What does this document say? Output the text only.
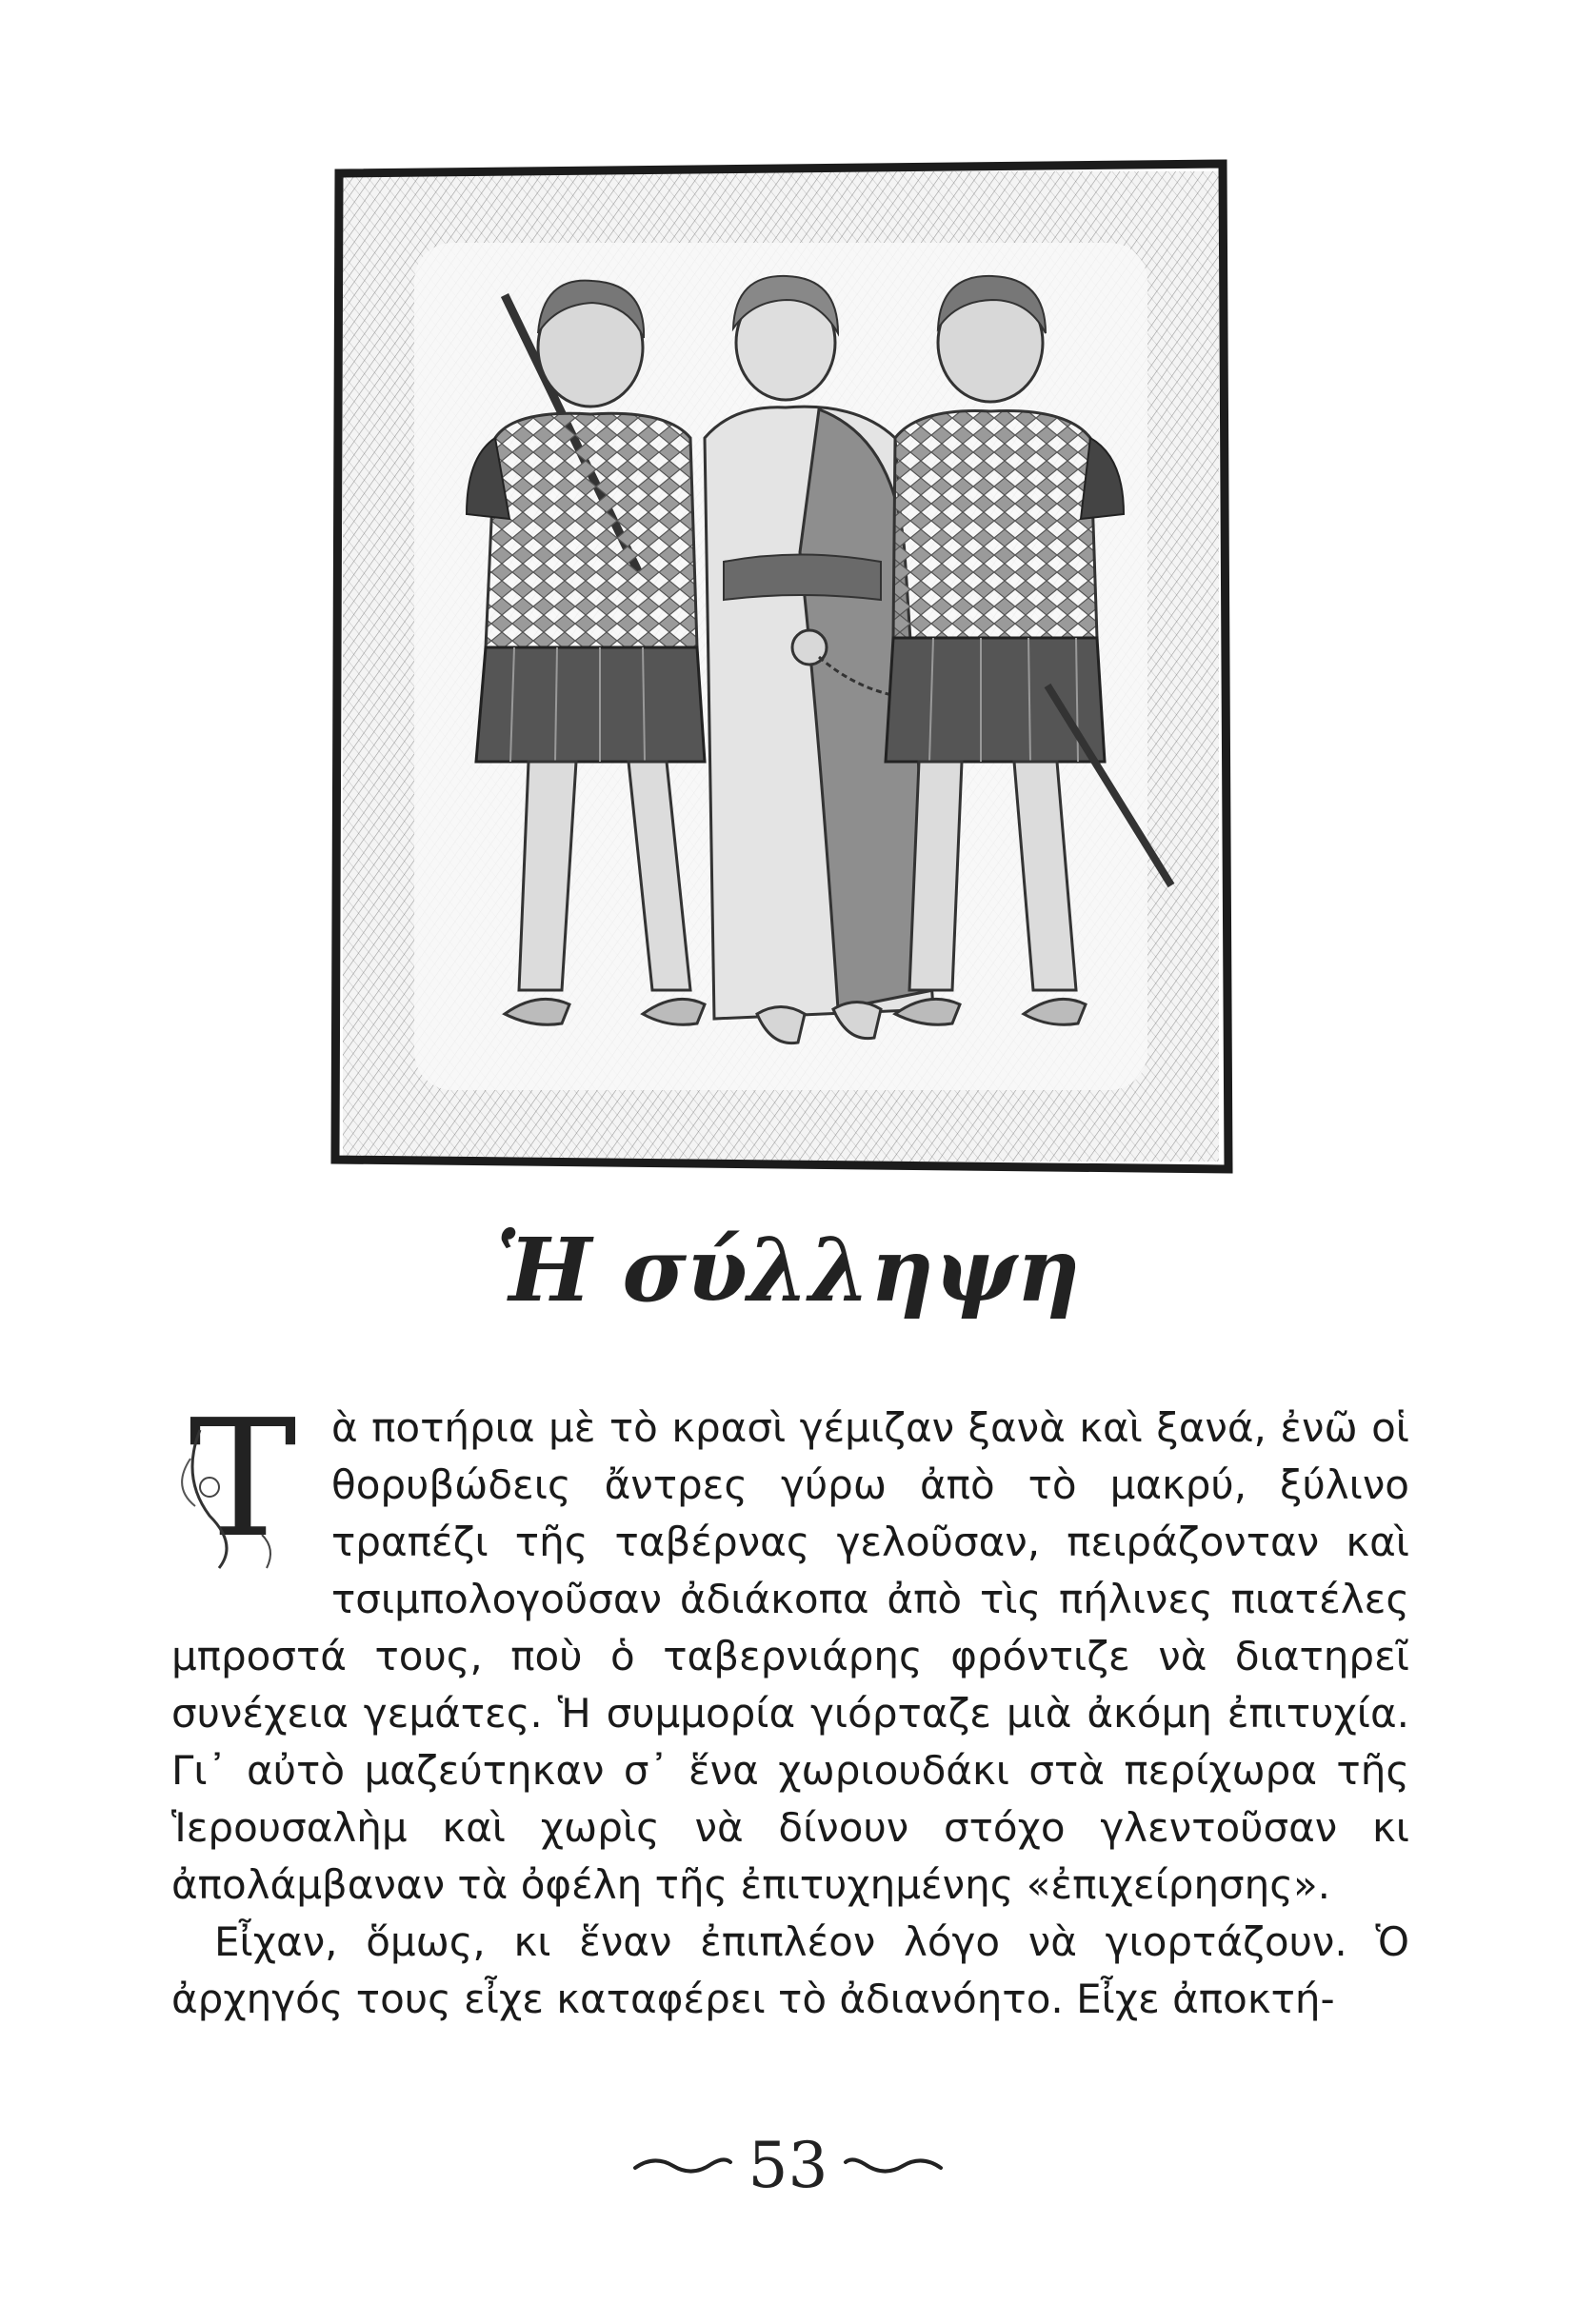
Ἡ σύλληψη

Τ ὰ ποτήρια μὲ τὸ κρασὶ γέμιζαν ξανὰ καὶ ξανά, ἐνῶ οἱ θορυβώδεις ἄντρες γύρω ἀπὸ τὸ μακρύ, ξύλινο τραπέζι τῆς ταβέρνας γελοῦσαν, πειράζονταν καὶ τσιμπολογοῦσαν ἀδιάκοπα ἀπὸ τὶς πήλινες πιατέλες μπροστά τους, ποὺ ὁ ταβερνιάρης φρόντιζε νὰ διατηρεῖ συνέχεια γεμάτες. Ἡ συμμορία γιόρταζε μιὰ ἀκόμη ἐπιτυχία. Γι᾽ αὐτὸ μαζεύτηκαν σ᾽ ἕνα χωριουδάκι στὰ περίχωρα τῆς Ἱερουσαλὴμ καὶ χωρὶς νὰ δίνουν στόχο γλεντοῦσαν κι ἀπολάμβαναν τὰ ὀφέλη τῆς ἐπιτυχημένης «ἐπιχείρησης».

Εἶχαν, ὅμως, κι ἕναν ἐπιπλέον λόγο νὰ γιορτάζουν. Ὁ ἀρχηγός τους εἶχε καταφέρει τὸ ἀδιανόητο. Εἶχε ἀποκτή-

53
